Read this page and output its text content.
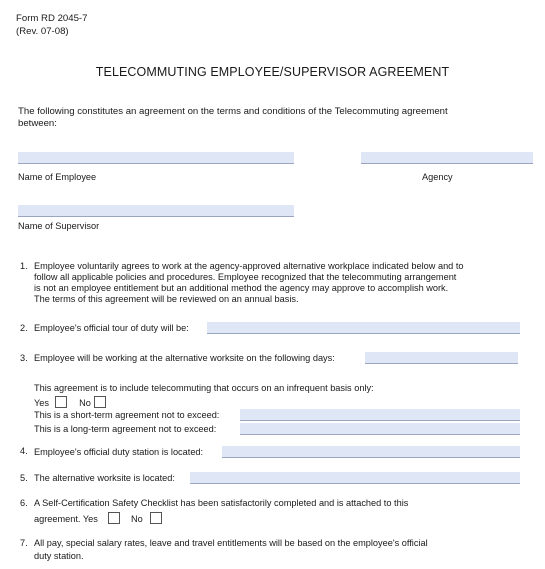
Form RD 2045-7
(Rev. 07-08)
TELECOMMUTING EMPLOYEE/SUPERVISOR AGREEMENT
The following constitutes an agreement on the terms and conditions of the Telecommuting agreement
between:
Name of Employee	Agency
Name of Supervisor
1. Employee voluntarily agrees to work at the agency-approved alternative workplace indicated below and to
follow all applicable policies and procedures. Employee recognized that the telecommuting arrangement
is not an employee entitlement but an additional method the agency may approve to accomplish work.
The terms of this agreement will be reviewed on an annual basis.
2. Employee's official tour of duty will be:
3. Employee will be working at the alternative worksite on the following days:
This agreement is to include telecommuting that occurs on an infrequent basis only:
Yes	No
This is a short-term agreement not to exceed:
This is a long-term agreement not to exceed:
4. Employee's official duty station is located:
5. The alternative worksite is located:
6. A Self-Certification Safety Checklist has been satisfactorily completed and is attached to this
agreement. Yes	No
7. All pay, special salary rates, leave and travel entitlements will be based on the employee's official
duty station.
